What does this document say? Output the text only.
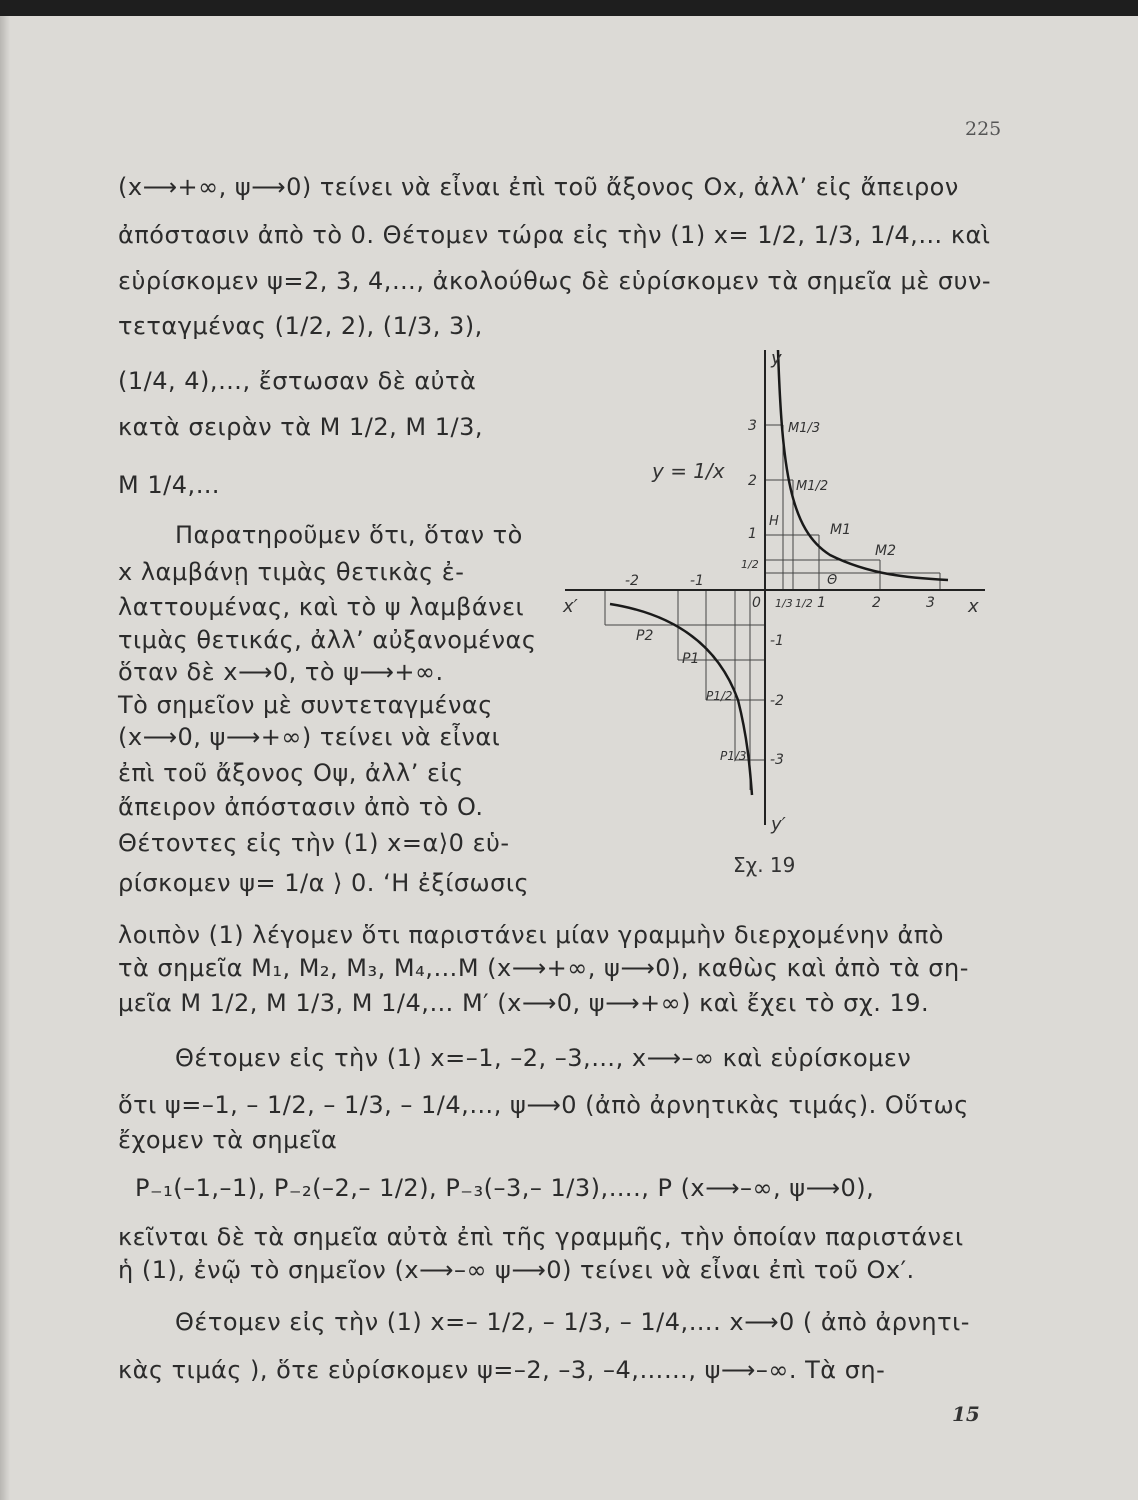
225
(x⟶+∞, ψ⟶0) τείνει νὰ εἶναι ἐπὶ τοῦ ἄξονος Ox, ἀλλ’ εἰς ἄπειρον
ἀπόστασιν ἀπὸ τὸ 0. Θέτομεν τώρα εἰς τὴν (1) x= 1/2, 1/3, 1/4,… καὶ
εὑρίσκομεν ψ=2, 3, 4,…, ἀκολούθως δὲ εὑρίσκομεν τὰ σημεῖα μὲ συν-
τεταγμένας (1/2, 2), (1/3, 3),
(1/4, 4),…, ἔστωσαν δὲ αὐτὰ
κατὰ σειρὰν τὰ M 1/2, M 1/3,
M 1/4,…
Παρατηροῦμεν ὅτι, ὅταν τὸ
x λαμβάνῃ τιμὰς θετικὰς ἐ-
λαττουμένας, καὶ τὸ ψ λαμβάνει
τιμὰς θετικάς, ἀλλ’ αὐξανομένας
ὅταν δὲ x⟶0, τὸ ψ⟶+∞.
Τὸ σημεῖον μὲ συντεταγμένας
(x⟶0, ψ⟶+∞) τείνει νὰ εἶναι
ἐπὶ τοῦ ἄξονος Oψ, ἀλλ’ εἰς
ἄπειρον ἀπόστασιν ἀπὸ τὸ O.
Θέτοντες εἰς τὴν (1) x=α⟩0 εὑ-
ρίσκομεν ψ= 1/α ⟩ 0. ‘Η ἐξίσωσις
λοιπὸν (1) λέγομεν ὅτι παριστάνει μίαν γραμμὴν διερχομένην ἀπὸ
τὰ σημεῖα M₁, M₂, M₃, M₄,…M (x⟶+∞, ψ⟶0), καθὼς καὶ ἀπὸ τὰ ση-
μεῖα M 1/2, M 1/3, M 1/4,… M′ (x⟶0, ψ⟶+∞) καὶ ἔχει τὸ σχ. 19.
Θέτομεν εἰς τὴν (1) x=–1, –2, –3,…, x⟶–∞ καὶ εὑρίσκομεν
ὅτι ψ=–1, – 1/2, – 1/3, – 1/4,…, ψ⟶0 (ἀπὸ ἀρνητικὰς τιμάς). Οὕτως
ἔχομεν τὰ σημεῖα
P₋₁(–1,–1), P₋₂(–2,– 1/2), P₋₃(–3,– 1/3),…., P (x⟶–∞, ψ⟶0),
κεῖνται δὲ τὰ σημεῖα αὐτὰ ἐπὶ τῆς γραμμῆς, τὴν ὁποίαν παριστάνει
ἡ (1), ἐνῷ τὸ σημεῖον (x⟶–∞ ψ⟶0) τείνει νὰ εἶναι ἐπὶ τοῦ Ox′.
Θέτομεν εἰς τὴν (1) x=– 1/2, – 1/3, – 1/4,…. x⟶0 ( ἀπὸ ἀρνητι-
κὰς τιμάς ), ὅτε εὑρίσκομεν ψ=–2, –3, –4,……, ψ⟶–∞. Τὰ ση-
y = 1/x
x
x′
y
y′
0
-2	-1
1/3 1/2 1	2	3
3
2
1
1/2
-1
-2
-3
M1/3
M1/2
H
M1
M2
Θ
P2
P1
P1/2
P1/3
Σχ. 19
15
